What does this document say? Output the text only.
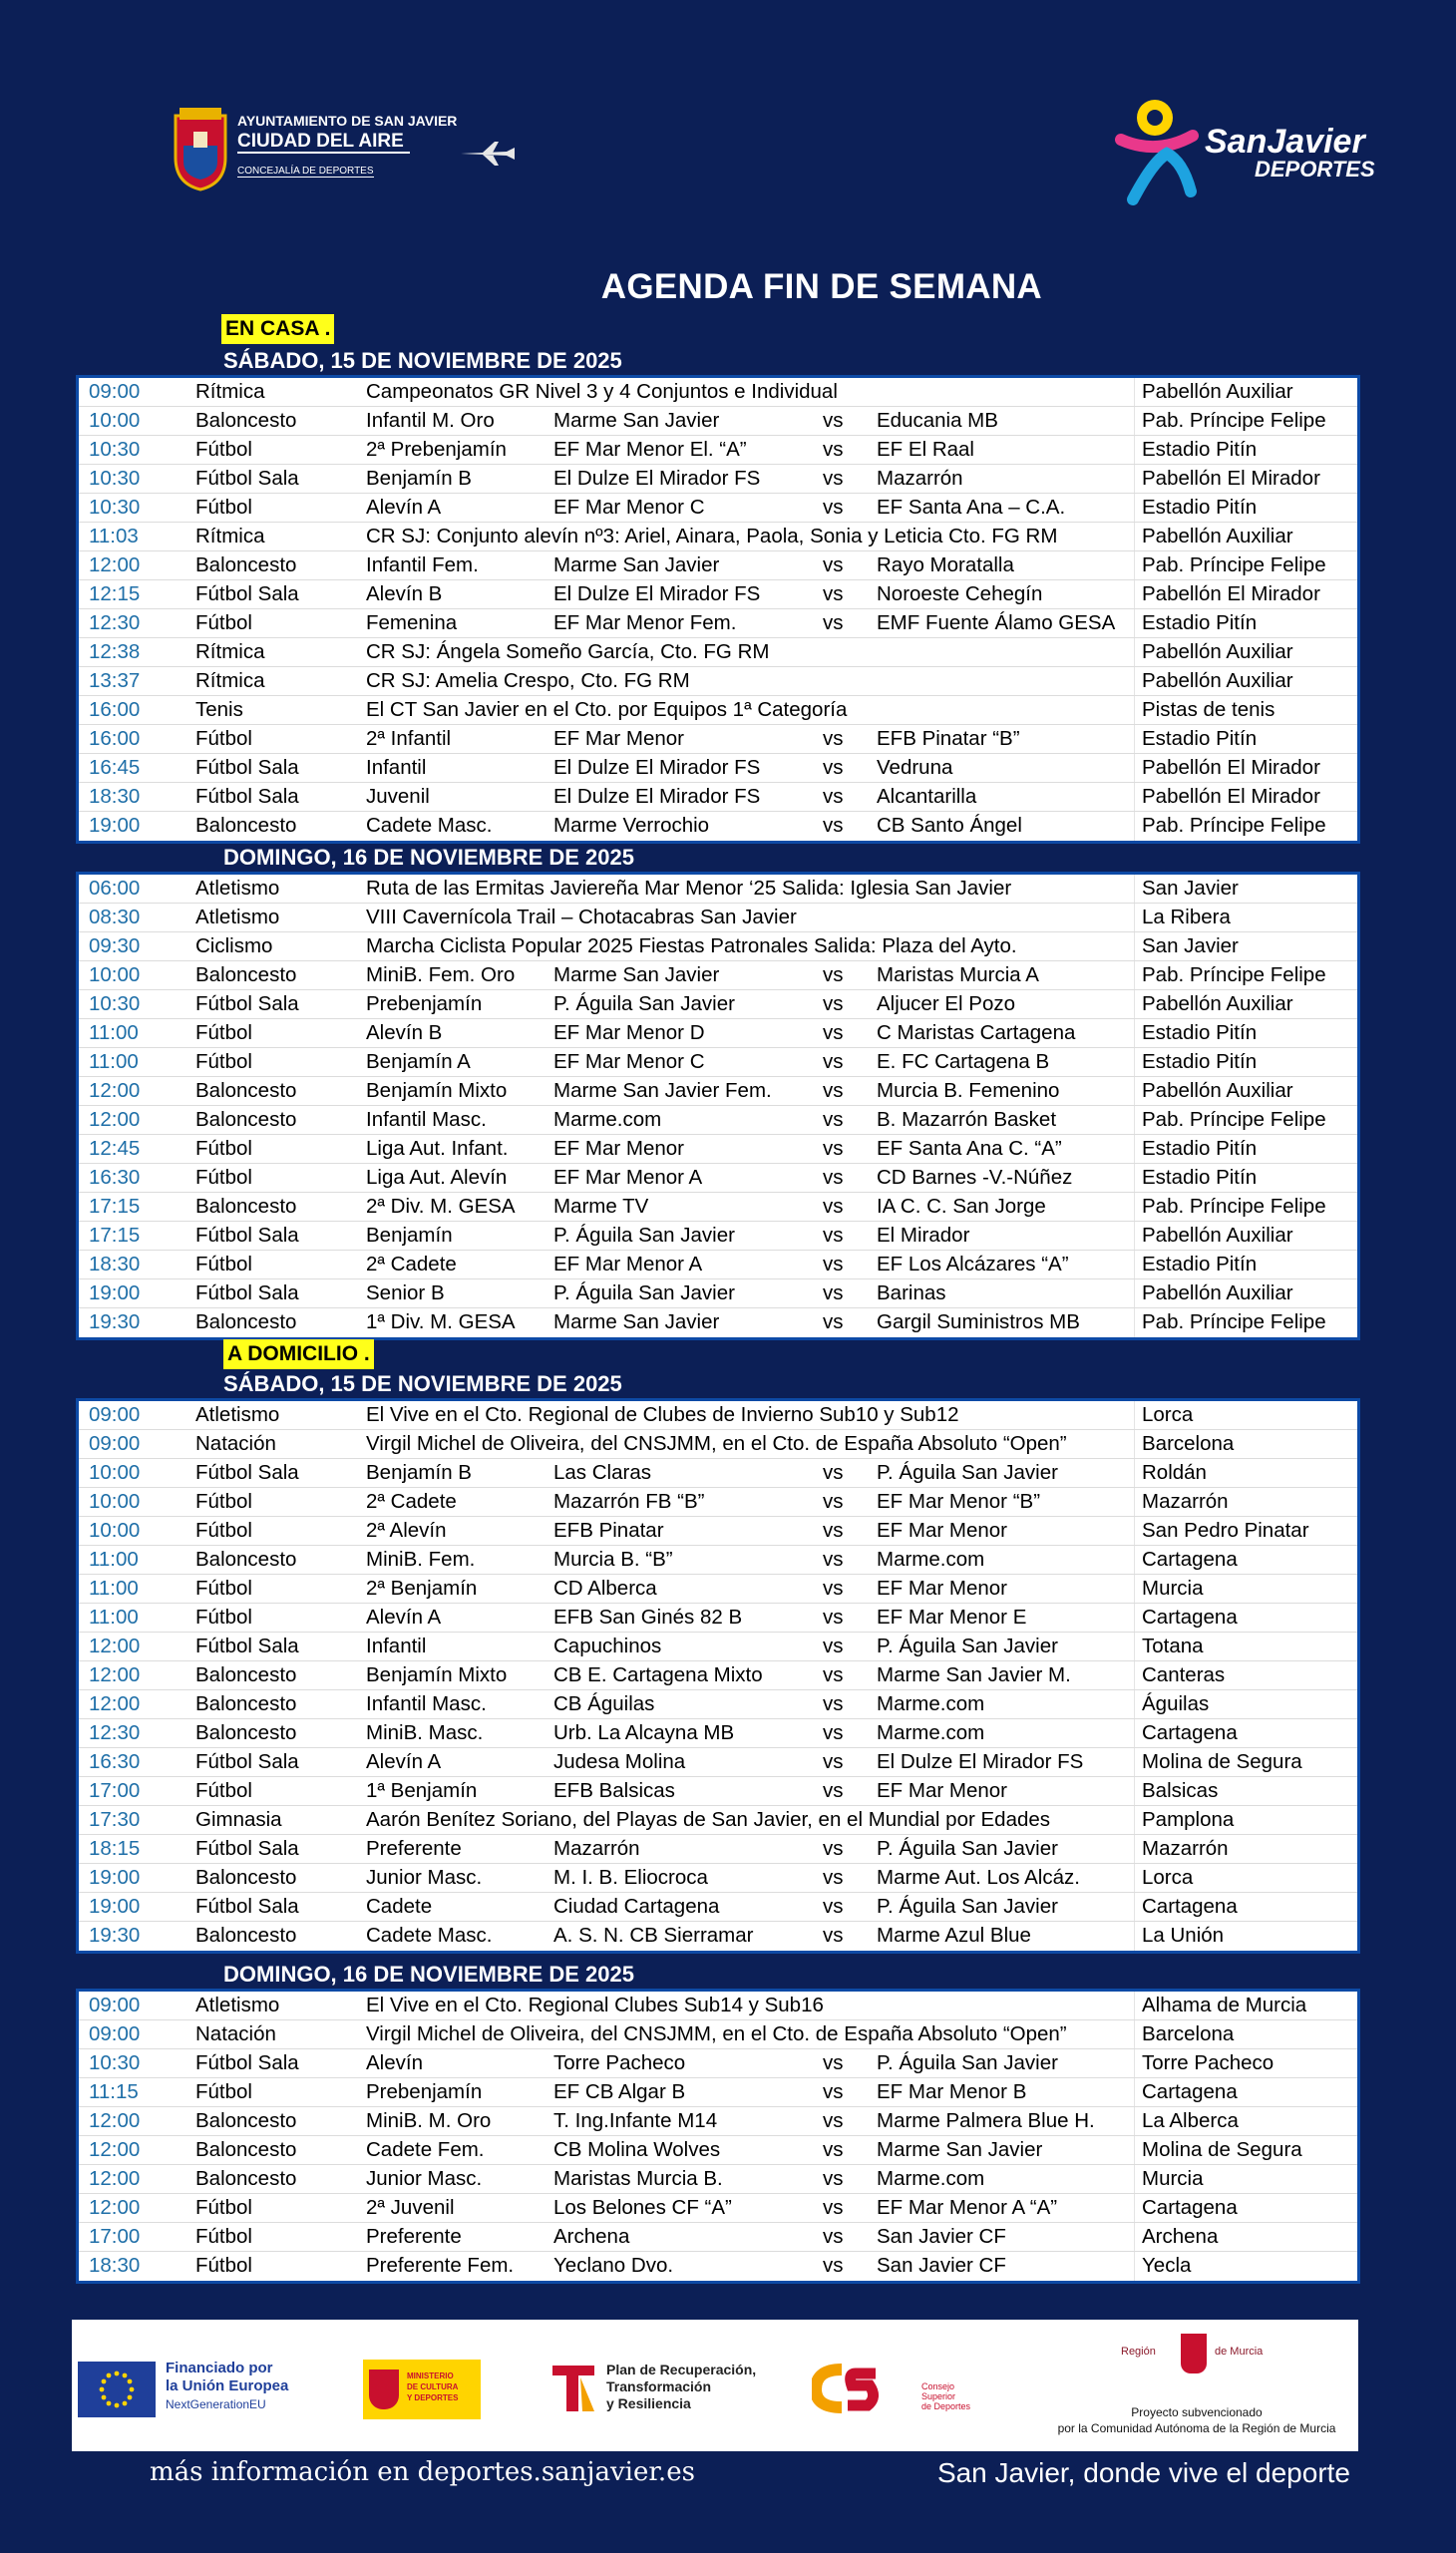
AYUNTAMIENTO DE SAN JAVIER
CIUDAD DEL AIRE
CONCEJALÍA DE DEPORTES
SanJavier
DEPORTES
AGENDA FIN DE SEMANA
EN CASA .
SÁBADO, 15 DE NOVIEMBRE DE 2025
09:00	Rítmica	Campeonatos GR Nivel 3 y 4 Conjuntos e Individual	Pabellón Auxiliar
10:00	Baloncesto	Infantil M. Oro	Marme San Javier	vs	Educania MB	Pab. Príncipe Felipe
10:30	Fútbol	2ª Prebenjamín	EF Mar Menor El. “A”	vs	EF El Raal	Estadio Pitín
10:30	Fútbol Sala	Benjamín B	El Dulze El Mirador FS	vs	Mazarrón	Pabellón El Mirador
10:30	Fútbol	Alevín A	EF Mar Menor C	vs	EF Santa Ana – C.A.	Estadio Pitín
11:03	Rítmica	CR SJ: Conjunto alevín nº3: Ariel, Ainara, Paola, Sonia y Leticia Cto. FG RM	Pabellón Auxiliar
12:00	Baloncesto	Infantil Fem.	Marme San Javier	vs	Rayo Moratalla	Pab. Príncipe Felipe
12:15	Fútbol Sala	Alevín B	El Dulze El Mirador FS	vs	Noroeste Cehegín	Pabellón El Mirador
12:30	Fútbol	Femenina	EF Mar Menor Fem.	vs	EMF Fuente Álamo GESA	Estadio Pitín
12:38	Rítmica	CR SJ: Ángela Someño García, Cto. FG RM	Pabellón Auxiliar
13:37	Rítmica	CR SJ: Amelia Crespo, Cto. FG RM	Pabellón Auxiliar
16:00	Tenis	El CT San Javier en el Cto. por Equipos 1ª Categoría	Pistas de tenis
16:00	Fútbol	2ª Infantil	EF Mar Menor	vs	EFB Pinatar “B”	Estadio Pitín
16:45	Fútbol Sala	Infantil	El Dulze El Mirador FS	vs	Vedruna	Pabellón El Mirador
18:30	Fútbol Sala	Juvenil	El Dulze El Mirador FS	vs	Alcantarilla	Pabellón El Mirador
19:00	Baloncesto	Cadete Masc.	Marme Verrochio	vs	CB Santo Ángel	Pab. Príncipe Felipe
DOMINGO, 16 DE NOVIEMBRE DE 2025
06:00	Atletismo	Ruta de las Ermitas Javiereña Mar Menor ‘25 Salida: Iglesia San Javier	San Javier
08:30	Atletismo	VIII Cavernícola Trail – Chotacabras San Javier	La Ribera
09:30	Ciclismo	Marcha Ciclista Popular 2025 Fiestas Patronales Salida: Plaza del Ayto.	San Javier
10:00	Baloncesto	MiniB. Fem. Oro	Marme San Javier	vs	Maristas Murcia A	Pab. Príncipe Felipe
10:30	Fútbol Sala	Prebenjamín	P. Águila San Javier	vs	Aljucer El Pozo	Pabellón Auxiliar
11:00	Fútbol	Alevín B	EF Mar Menor D	vs	C Maristas Cartagena	Estadio Pitín
11:00	Fútbol	Benjamín A	EF Mar Menor C	vs	E. FC Cartagena B	Estadio Pitín
12:00	Baloncesto	Benjamín Mixto	Marme San Javier Fem.	vs	Murcia B. Femenino	Pabellón Auxiliar
12:00	Baloncesto	Infantil Masc.	Marme.com	vs	B. Mazarrón Basket	Pab. Príncipe Felipe
12:45	Fútbol	Liga Aut. Infant.	EF Mar Menor	vs	EF Santa Ana C. “A”	Estadio Pitín
16:30	Fútbol	Liga Aut. Alevín	EF Mar Menor A	vs	CD Barnes -V.-Núñez	Estadio Pitín
17:15	Baloncesto	2ª Div. M. GESA	Marme TV	vs	IA C. C. San Jorge	Pab. Príncipe Felipe
17:15	Fútbol Sala	Benjamín	P. Águila San Javier	vs	El Mirador	Pabellón Auxiliar
18:30	Fútbol	2ª Cadete	EF Mar Menor A	vs	EF Los Alcázares “A”	Estadio Pitín
19:00	Fútbol Sala	Senior B	P. Águila San Javier	vs	Barinas	Pabellón Auxiliar
19:30	Baloncesto	1ª Div. M. GESA	Marme San Javier	vs	Gargil Suministros MB	Pab. Príncipe Felipe
A DOMICILIO .
SÁBADO, 15 DE NOVIEMBRE DE 2025
09:00	Atletismo	El Vive en el Cto. Regional de Clubes de Invierno Sub10 y Sub12	Lorca
09:00	Natación	Virgil Michel de Oliveira, del CNSJMM, en el Cto. de España Absoluto “Open”	Barcelona
10:00	Fútbol Sala	Benjamín B	Las Claras	vs	P. Águila San Javier	Roldán
10:00	Fútbol	2ª Cadete	Mazarrón FB “B”	vs	EF Mar Menor “B”	Mazarrón
10:00	Fútbol	2ª Alevín	EFB Pinatar	vs	EF Mar Menor	San Pedro Pinatar
11:00	Baloncesto	MiniB. Fem.	Murcia B. “B”	vs	Marme.com	Cartagena
11:00	Fútbol	2ª Benjamín	CD Alberca	vs	EF Mar Menor	Murcia
11:00	Fútbol	Alevín A	EFB San Ginés 82 B	vs	EF Mar Menor E	Cartagena
12:00	Fútbol Sala	Infantil	Capuchinos	vs	P. Águila San Javier	Totana
12:00	Baloncesto	Benjamín Mixto	CB E. Cartagena Mixto	vs	Marme San Javier M.	Canteras
12:00	Baloncesto	Infantil Masc.	CB Águilas	vs	Marme.com	Águilas
12:30	Baloncesto	MiniB. Masc.	Urb. La Alcayna MB	vs	Marme.com	Cartagena
16:30	Fútbol Sala	Alevín A	Judesa Molina	vs	El Dulze El Mirador FS	Molina de Segura
17:00	Fútbol	1ª Benjamín	EFB Balsicas	vs	EF Mar Menor	Balsicas
17:30	Gimnasia	Aarón Benítez Soriano, del Playas de San Javier, en el Mundial por Edades	Pamplona
18:15	Fútbol Sala	Preferente	Mazarrón	vs	P. Águila San Javier	Mazarrón
19:00	Baloncesto	Junior Masc.	M. I. B. Eliocroca	vs	Marme Aut. Los Alcáz.	Lorca
19:00	Fútbol Sala	Cadete	Ciudad Cartagena	vs	P. Águila San Javier	Cartagena
19:30	Baloncesto	Cadete Masc.	A. S. N. CB Sierramar	vs	Marme Azul Blue	La Unión
DOMINGO, 16 DE NOVIEMBRE DE 2025
09:00	Atletismo	El Vive en el Cto. Regional Clubes Sub14 y Sub16	Alhama de Murcia
09:00	Natación	Virgil Michel de Oliveira, del CNSJMM, en el Cto. de España Absoluto “Open”	Barcelona
10:30	Fútbol Sala	Alevín	Torre Pacheco	vs	P. Águila San Javier	Torre Pacheco
11:15	Fútbol	Prebenjamín	EF CB Algar B	vs	EF Mar Menor B	Cartagena
12:00	Baloncesto	MiniB. M. Oro	T. Ing.Infante M14	vs	Marme Palmera Blue H.	La Alberca
12:00	Baloncesto	Cadete Fem.	CB Molina Wolves	vs	Marme San Javier	Molina de Segura
12:00	Baloncesto	Junior Masc.	Maristas Murcia B.	vs	Marme.com	Murcia
12:00	Fútbol	2ª Juvenil	Los Belones CF “A”	vs	EF Mar Menor A “A”	Cartagena
17:00	Fútbol	Preferente	Archena	vs	San Javier CF	Archena
18:30	Fútbol	Preferente Fem.	Yeclano Dvo.	vs	San Javier CF	Yecla
Financiado por
la Unión Europea
NextGenerationEU
MINISTERIO
DE CULTURA
Y DEPORTES
Plan de Recuperación,
Transformación
y Resiliencia
Consejo
Superior
de Deportes
Región	de Murcia
Proyecto subvencionado
por la Comunidad Autónoma de la Región de Murcia
más información en deportes.sanjavier.es	San Javier, donde vive el deporte
